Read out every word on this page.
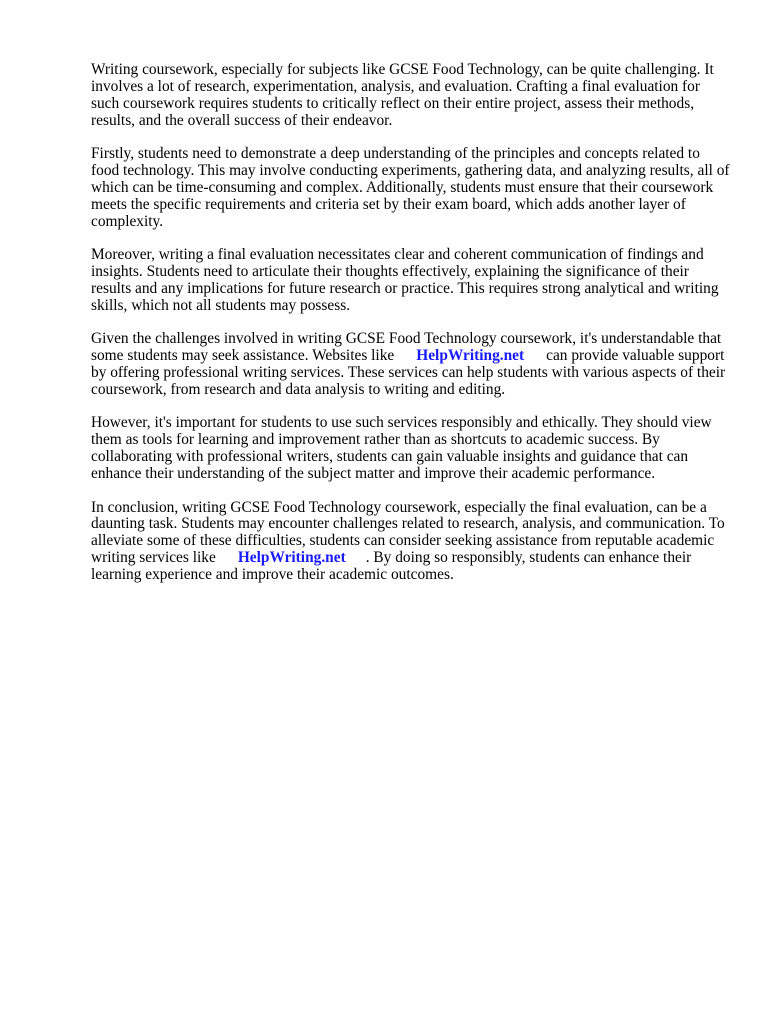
Writing coursework, especially for subjects like GCSE Food Technology, can be quite challenging. It involves a lot of research, experimentation, analysis, and evaluation. Crafting a final evaluation for such coursework requires students to critically reflect on their entire project, assess their methods, results, and the overall success of their endeavor.

Firstly, students need to demonstrate a deep understanding of the principles and concepts related to food technology. This may involve conducting experiments, gathering data, and analyzing results, all of which can be time-consuming and complex. Additionally, students must ensure that their coursework meets the specific requirements and criteria set by their exam board, which adds another layer of complexity.

Moreover, writing a final evaluation necessitates clear and coherent communication of findings and insights. Students need to articulate their thoughts effectively, explaining the significance of their results and any implications for future research or practice. This requires strong analytical and writing skills, which not all students may possess.

Given the challenges involved in writing GCSE Food Technology coursework, it's understandable that some students may seek assistance. Websites like HelpWriting.net can provide valuable support by offering professional writing services. These services can help students with various aspects of their coursework, from research and data analysis to writing and editing.

However, it's important for students to use such services responsibly and ethically. They should view them as tools for learning and improvement rather than as shortcuts to academic success. By collaborating with professional writers, students can gain valuable insights and guidance that can enhance their understanding of the subject matter and improve their academic performance.

In conclusion, writing GCSE Food Technology coursework, especially the final evaluation, can be a daunting task. Students may encounter challenges related to research, analysis, and communication. To alleviate some of these difficulties, students can consider seeking assistance from reputable academic writing services like HelpWriting.net . By doing so responsibly, students can enhance their learning experience and improve their academic outcomes.
